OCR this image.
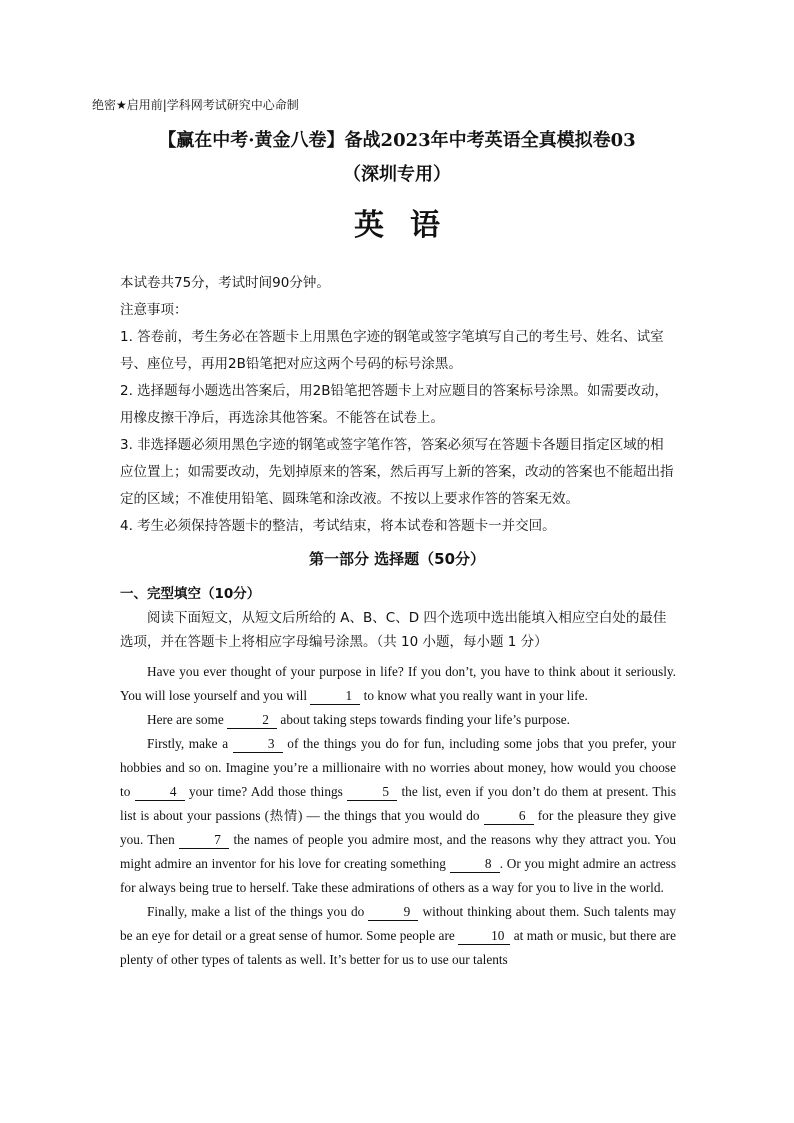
绝密★启用前|学科网考试研究中心命制
【赢在中考·黄金八卷】备战2023年中考英语全真模拟卷03
（深圳专用）
英语

本试卷共75分，考试时间90分钟。

注意事项：

1. 答卷前，考生务必在答题卡上用黑色字迹的钢笔或签字笔填写自己的考生号、姓名、试室号、座位号，再用2B铅笔把对应这两个号码的标号涂黑。

2. 选择题每小题选出答案后，用2B铅笔把答题卡上对应题目的答案标号涂黑。如需要改动，用橡皮擦干净后，再选涂其他答案。不能答在试卷上。

3. 非选择题必须用黑色字迹的钢笔或签字笔作答，答案必须写在答题卡各题目指定区域的相应位置上；如需要改动，先划掉原来的答案，然后再写上新的答案，改动的答案也不能超出指定的区域；不准使用铅笔、圆珠笔和涂改液。不按以上要求作答的答案无效。

4. 考生必须保持答题卡的整洁，考试结束，将本试卷和答题卡一并交回。

第一部分 选择题（50分）
一、完型填空（10分）
阅读下面短文，从短文后所给的 A、B、C、D 四个选项中选出能填入相应空白处的最佳选项，并在答题卡上将相应字母编号涂黑。（共 10 小题，每小题 1 分）

Have you ever thought of your purpose in life? If you don’t, you have to think about it seriously. You will lose yourself and you will	1 to know what you really want in your life.

Here are some	2 about taking steps towards finding your life’s purpose.

Firstly, make a	3 of the things you do for fun, including some jobs that you prefer, your hobbies and so on. Imagine you’re a millionaire with no worries about money, how would you choose to	4 your time? Add those things	5 the list, even if you don’t do them at present. This list is about your passions (热情) — the things that you would do	6 for the pleasure they give you. Then	7 the names of people you admire most, and the reasons why they attract you. You might admire an inventor for his love for creating something	8 . Or you might admire an actress for always being true to herself. Take these admirations of others as a way for you to live in the world.

Finally, make a list of the things you do	9 without thinking about them. Such talents may be an eye for detail or a great sense of humor. Some people are 10 at math or music, but there are plenty of other types of talents as well. It’s better for us to use our talents
